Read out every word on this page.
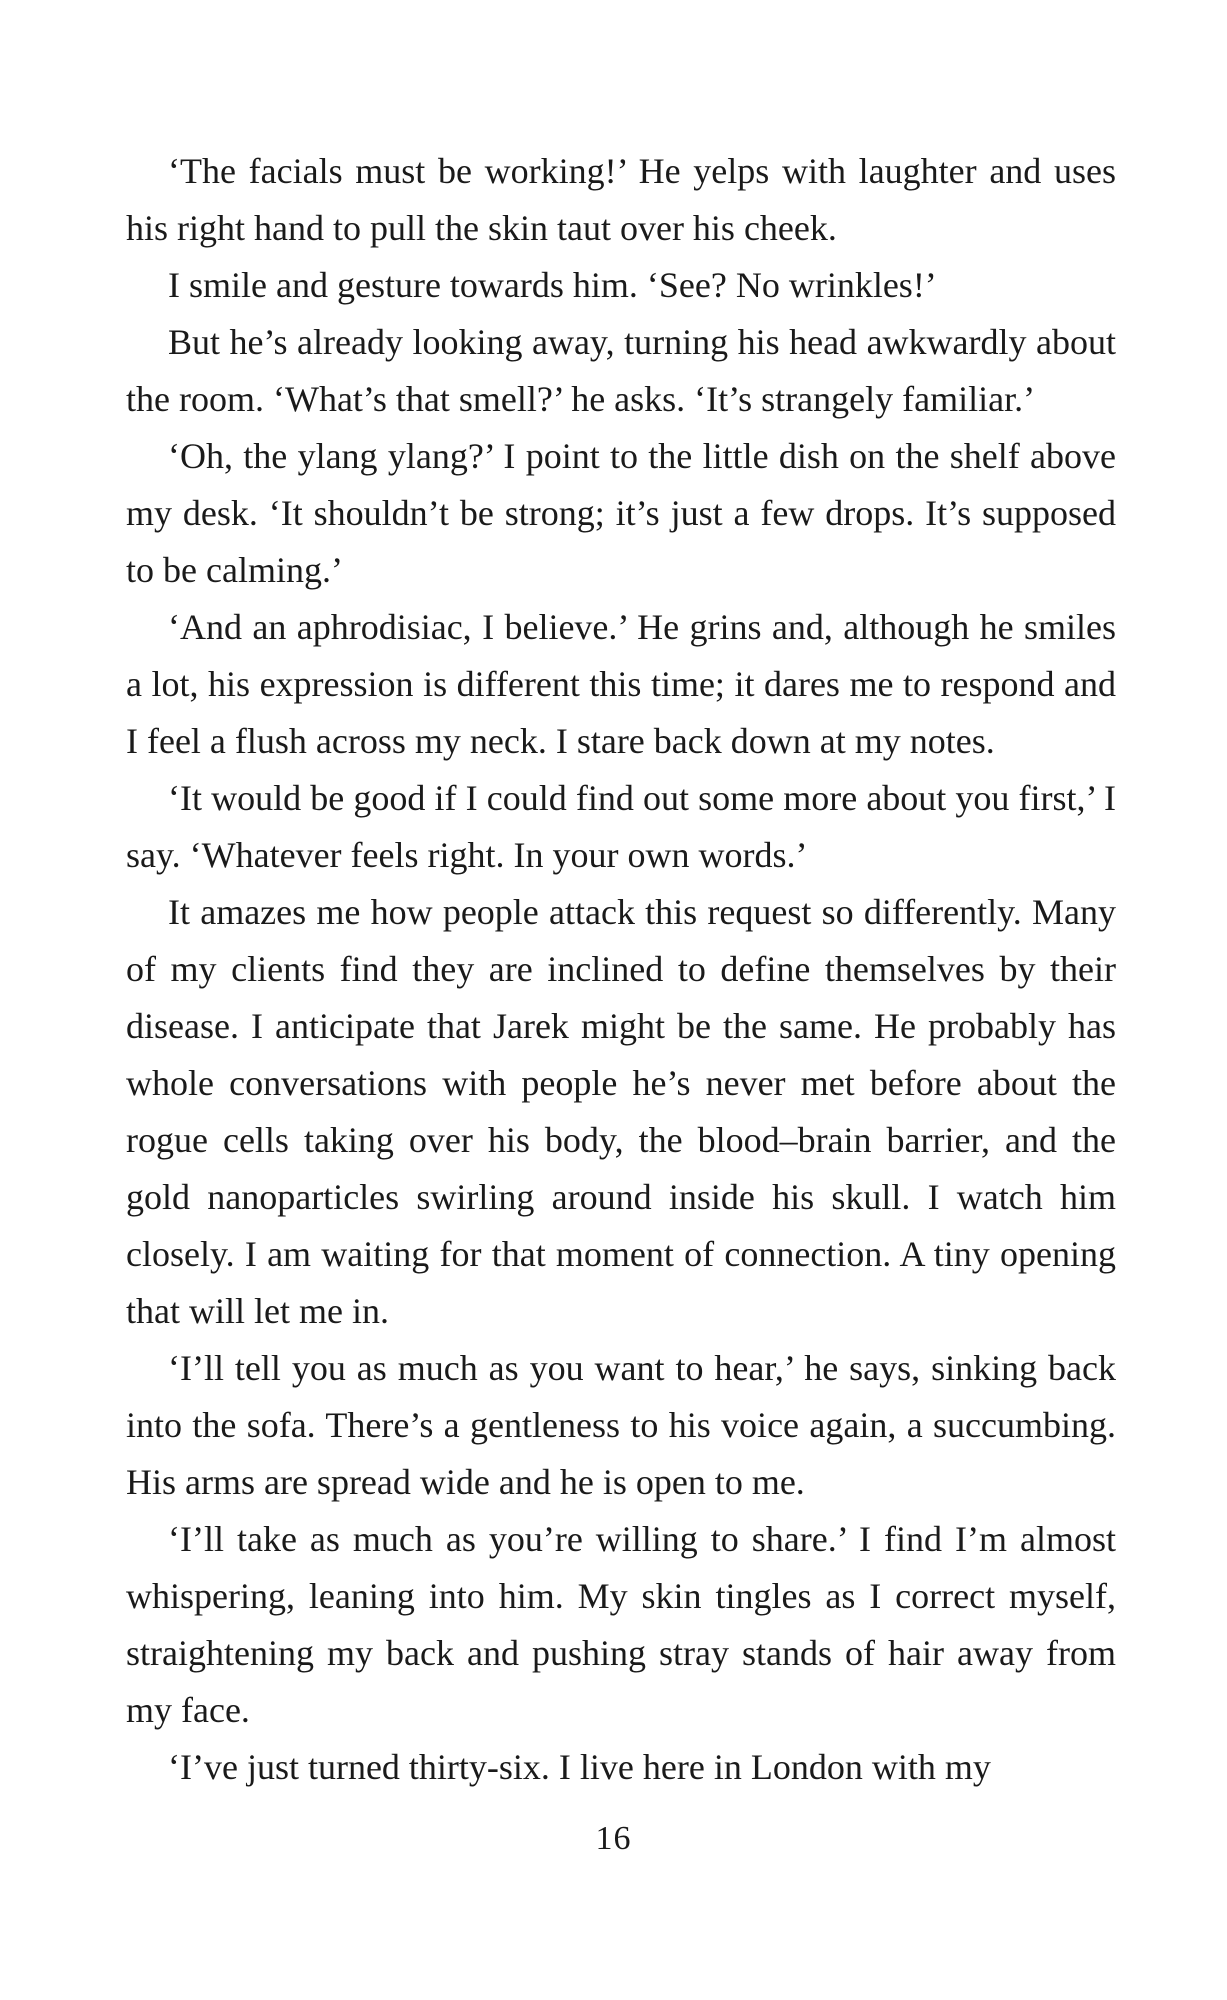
‘The facials must be working!’ He yelps with laughter and uses his right hand to pull the skin taut over his cheek.

I smile and gesture towards him. ‘See? No wrinkles!’

But he’s already looking away, turning his head awkwardly about the room. ‘What’s that smell?’ he asks. ‘It’s strangely familiar.’

‘Oh, the ylang ylang?’ I point to the little dish on the shelf above my desk. ‘It shouldn’t be strong; it’s just a few drops. It’s supposed to be calming.’

‘And an aphrodisiac, I believe.’ He grins and, although he smiles a lot, his expression is different this time; it dares me to respond and I feel a flush across my neck. I stare back down at my notes.

‘It would be good if I could find out some more about you first,’ I say. ‘Whatever feels right. In your own words.’

It amazes me how people attack this request so differently. Many of my clients find they are inclined to define themselves by their disease. I anticipate that Jarek might be the same. He probably has whole conversations with people he’s never met before about the rogue cells taking over his body, the blood–brain barrier, and the gold nanoparticles swirling around inside his skull. I watch him closely. I am waiting for that moment of connection. A tiny opening that will let me in.

‘I’ll tell you as much as you want to hear,’ he says, sinking back into the sofa. There’s a gentleness to his voice again, a succumbing. His arms are spread wide and he is open to me.

‘I’ll take as much as you’re willing to share.’ I find I’m almost whispering, leaning into him. My skin tingles as I correct myself, straightening my back and pushing stray stands of hair away from my face.

‘I’ve just turned thirty-six. I live here in London with my

16
